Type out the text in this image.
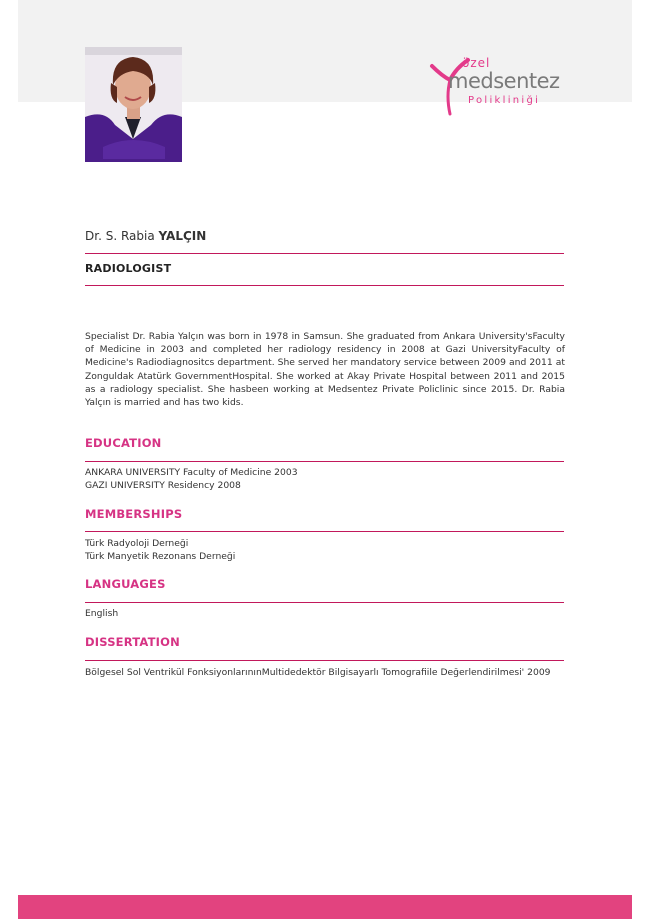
özel
medsentez
Polikliniği
Dr. S. Rabia YALÇIN
RADIOLOGIST
Specialist Dr. Rabia Yalçın was born in 1978 in Samsun. She graduated from Ankara University'sFaculty of Medicine in 2003 and completed her radiology residency in 2008 at Gazi UniversityFaculty of Medicine's Radiodiagnositcs department. She served her mandatory service between 2009 and 2011 at Zonguldak Atatürk GovernmentHospital. She worked at Akay Private Hospital between 2011 and 2015 as a radiology specialist. She hasbeen working at Medsentez Private Policlinic since 2015. Dr. Rabia Yalçın is married and has two kids.
EDUCATION
ANKARA UNIVERSITY Faculty of Medicine 2003
GAZI UNIVERSITY Residency 2008
MEMBERSHIPS
Türk Radyoloji Derneği
Türk Manyetik Rezonans Derneği
LANGUAGES
English
DISSERTATION
Bölgesel Sol Ventrikül FonksiyonlarınınMultidedektör Bilgisayarlı Tomografiile Değerlendirilmesi' 2009
